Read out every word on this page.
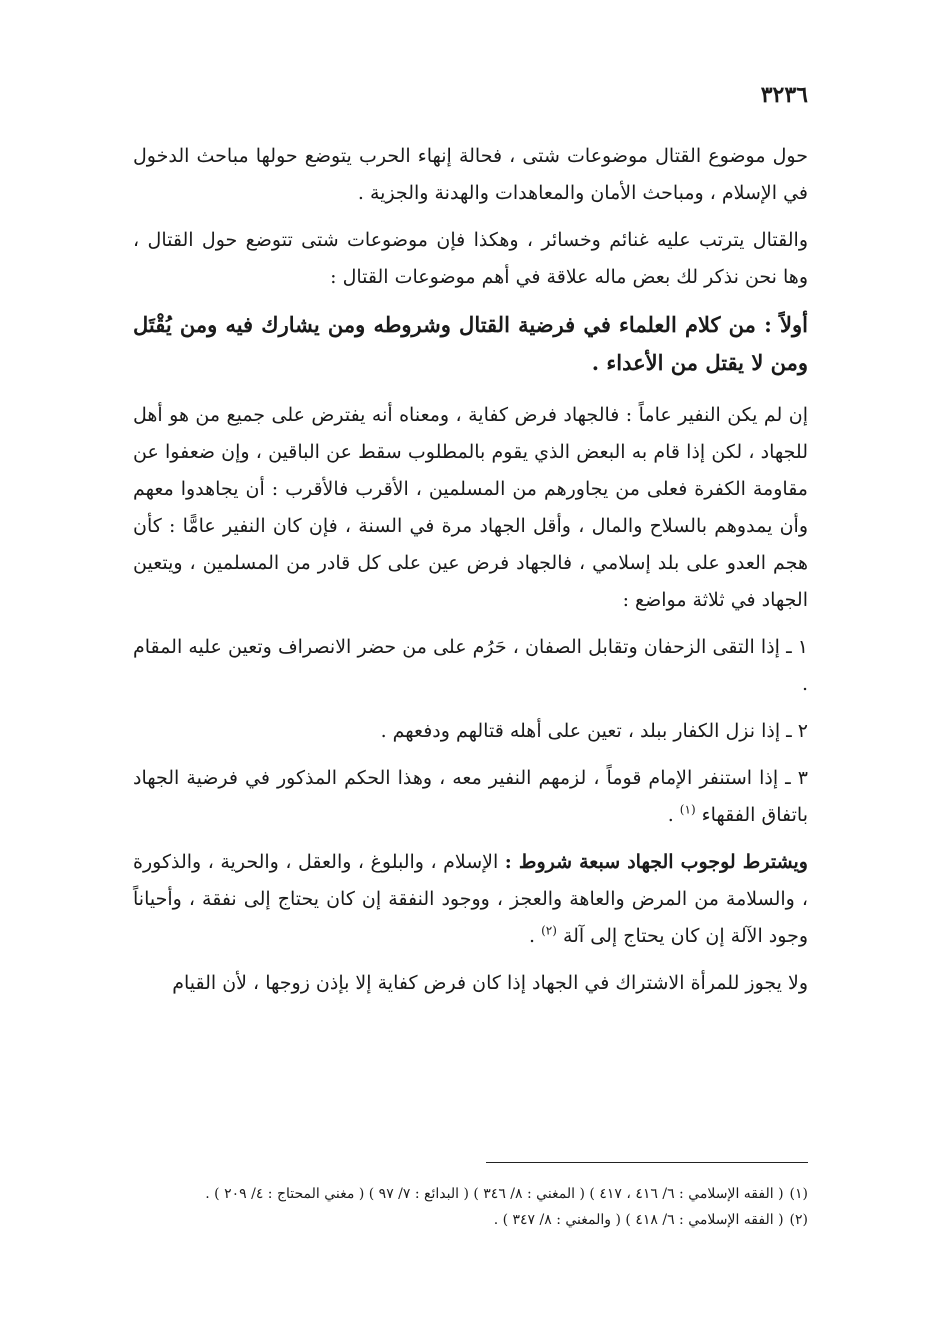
٣٢٣٦

حول موضوع القتال موضوعات شتى ، فحالة إنهاء الحرب يتوضع حولها مباحث الدخول في الإسلام ، ومباحث الأمان والمعاهدات والهدنة والجزية .

والقتال يترتب عليه غنائم وخسائر ، وهكذا فإن موضوعات شتى تتوضع حول القتال ، وها نحن نذكر لك بعض ماله علاقة في أهم موضوعات القتال :

أولاً : من كلام العلماء في فرضية القتال وشروطه ومن يشارك فيه ومن يُقْتَل ومن لا يقتل من الأعداء .

إن لم يكن النفير عاماً : فالجهاد فرض كفاية ، ومعناه أنه يفترض على جميع من هو أهل للجهاد ، لكن إذا قام به البعض الذي يقوم بالمطلوب سقط عن الباقين ، وإن ضعفوا عن مقاومة الكفرة فعلى من يجاورهم من المسلمين ، الأقرب فالأقرب : أن يجاهدوا معهم وأن يمدوهم بالسلاح والمال ، وأقل الجهاد مرة في السنة ، فإن كان النفير عامًّا : كأن هجم العدو على بلد إسلامي ، فالجهاد فرض عين على كل قادر من المسلمين ، ويتعين الجهاد في ثلاثة مواضع :

١ ـ إذا التقى الزحفان وتقابل الصفان ، حَرُم على من حضر الانصراف وتعين عليه المقام .

٢ ـ إذا نزل الكفار ببلد ، تعين على أهله قتالهم ودفعهم .

٣ ـ إذا استنفر الإمام قوماً ، لزمهم النفير معه ، وهذا الحكم المذكور في فرضية الجهاد باتفاق الفقهاء $^{(١)}$ .

ويشترط لوجوب الجهاد سبعة شروط : الإسلام ، والبلوغ ، والعقل ، والحرية ، والذكورة ، والسلامة من المرض والعاهة والعجز ، ووجود النفقة إن كان يحتاج إلى نفقة ، وأحياناً وجود الآلة إن كان يحتاج إلى آلة $^{(٢)}$ .

ولا يجوز للمرأة الاشتراك في الجهاد إذا كان فرض كفاية إلا بإذن زوجها ، لأن القيام

(١)( الفقه الإسلامي : ٦/ ٤١٦ ، ٤١٧ ) ( المغني : ٨/ ٣٤٦ ) ( البدائع : ٧/ ٩٧ ) ( مغني المحتاج : ٤/ ٢٠٩ ) .
(٢)( الفقه الإسلامي : ٦/ ٤١٨ ) ( والمغني : ٨/ ٣٤٧ ) .
